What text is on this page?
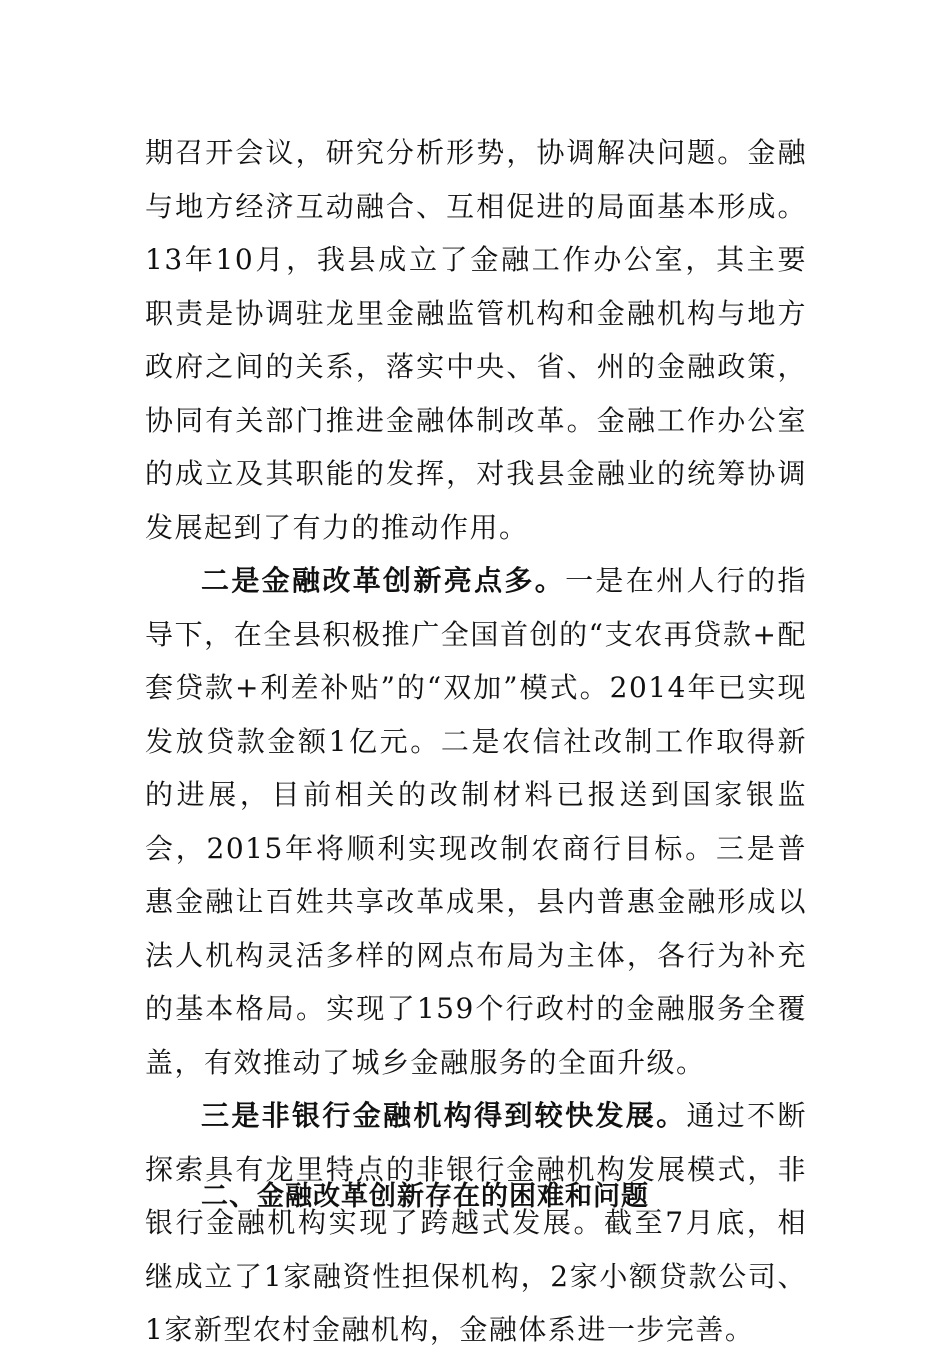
期召开会议，研究分析形势，协调解决问题。金融与地方经济互动融合、互相促进的局面基本形成。13年10月，我县成立了金融工作办公室，其主要职责是协调驻龙里金融监管机构和金融机构与地方政府之间的关系，落实中央、省、州的金融政策，协同有关部门推进金融体制改革。金融工作办公室的成立及其职能的发挥，对我县金融业的统筹协调发展起到了有力的推动作用。

二是金融改革创新亮点多。一是在州人行的指导下，在全县积极推广全国首创的“支农再贷款+配套贷款+利差补贴”的“双加”模式。2014年已实现发放贷款金额1亿元。二是农信社改制工作取得新的进展，目前相关的改制材料已报送到国家银监会，2015年将顺利实现改制农商行目标。三是普惠金融让百姓共享改革成果，县内普惠金融形成以法人机构灵活多样的网点布局为主体，各行为补充的基本格局。实现了159个行政村的金融服务全覆盖，有效推动了城乡金融服务的全面升级。

三是非银行金融机构得到较快发展。通过不断探索具有龙里特点的非银行金融机构发展模式，非银行金融机构实现了跨越式发展。截至7月底，相继成立了1家融资性担保机构，2家小额贷款公司、1家新型农村金融机构，金融体系进一步完善。

二、金融改革创新存在的困难和问题
